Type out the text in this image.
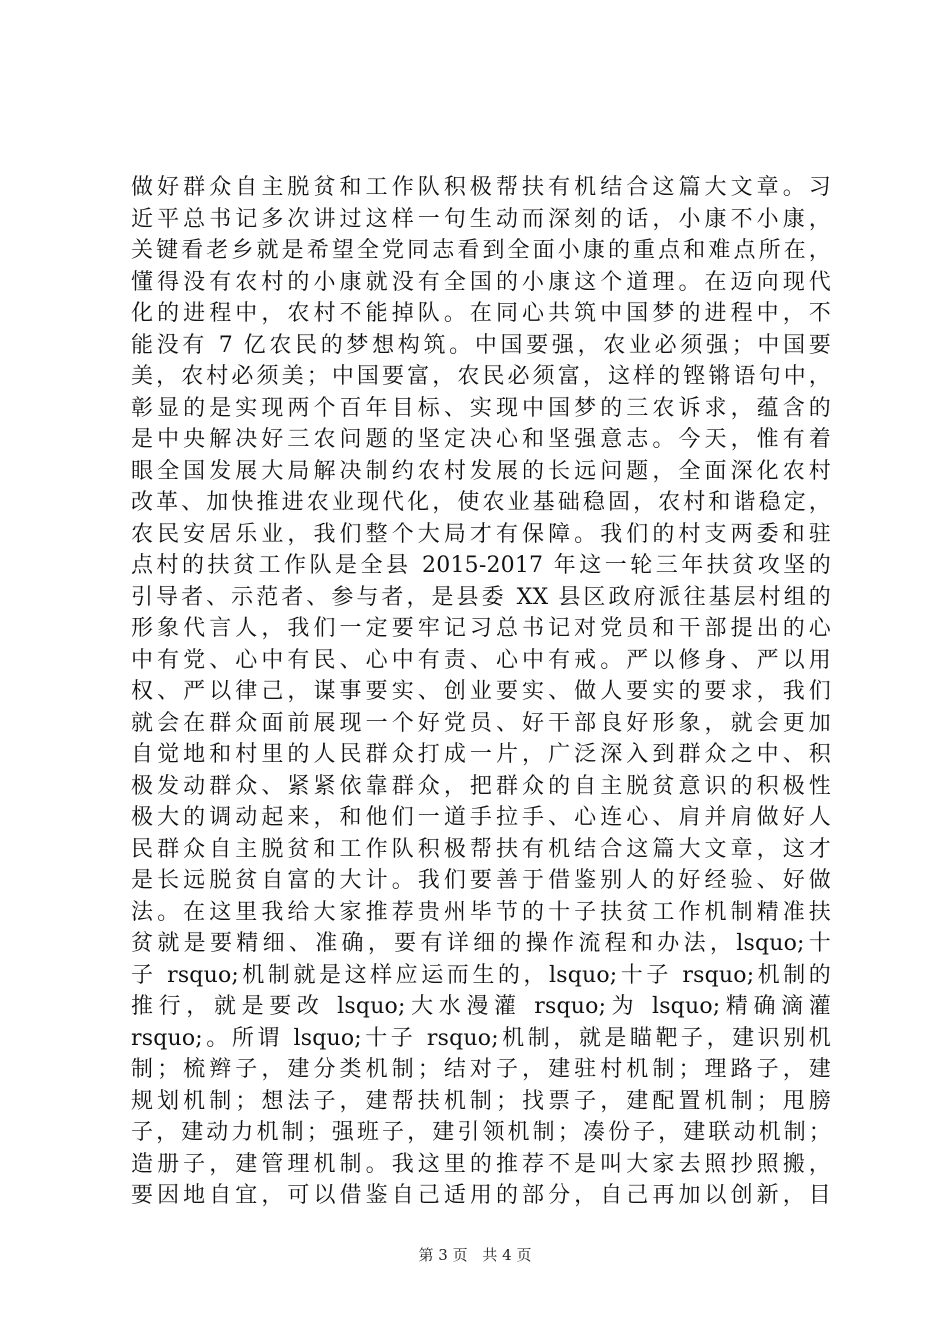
做好群众自主脱贫和工作队积极帮扶有机结合这篇大文章。习
近平总书记多次讲过这样一句生动而深刻的话，小康不小康，
关键看老乡就是希望全党同志看到全面小康的重点和难点所在，
懂得没有农村的小康就没有全国的小康这个道理。在迈向现代
化的进程中，农村不能掉队。在同心共筑中国梦的进程中，不
能没有 7 亿农民的梦想构筑。中国要强，农业必须强；中国要
美，农村必须美；中国要富，农民必须富，这样的铿锵语句中，
彰显的是实现两个百年目标、实现中国梦的三农诉求，蕴含的
是中央解决好三农问题的坚定决心和坚强意志。今天，惟有着
眼全国发展大局解决制约农村发展的长远问题，全面深化农村
改革、加快推进农业现代化，使农业基础稳固，农村和谐稳定，
农民安居乐业，我们整个大局才有保障。我们的村支两委和驻
点村的扶贫工作队是全县 2015-2017 年这一轮三年扶贫攻坚的
引导者、示范者、参与者，是县委 XX 县区政府派往基层村组的
形象代言人，我们一定要牢记习总书记对党员和干部提出的心
中有党、心中有民、心中有责、心中有戒。严以修身、严以用
权、严以律己，谋事要实、创业要实、做人要实的要求，我们
就会在群众面前展现一个好党员、好干部良好形象，就会更加
自觉地和村里的人民群众打成一片，广泛深入到群众之中、积
极发动群众、紧紧依靠群众，把群众的自主脱贫意识的积极性
极大的调动起来，和他们一道手拉手、心连心、肩并肩做好人
民群众自主脱贫和工作队积极帮扶有机结合这篇大文章，这才
是长远脱贫自富的大计。我们要善于借鉴别人的好经验、好做
法。在这里我给大家推荐贵州毕节的十子扶贫工作机制精准扶
贫就是要精细、准确，要有详细的操作流程和办法，lsquo;十
子 rsquo;机制就是这样应运而生的，lsquo;十子 rsquo;机制的
推行，就是要改 lsquo;大水漫灌 rsquo;为 lsquo;精确滴灌
rsquo;。所谓 lsquo;十子 rsquo;机制，就是瞄靶子，建识别机
制；梳辫子，建分类机制；结对子，建驻村机制；理路子，建
规划机制；想法子，建帮扶机制；找票子，建配置机制；甩膀
子，建动力机制；强班子，建引领机制；凑份子，建联动机制；
造册子，建管理机制。我这里的推荐不是叫大家去照抄照搬，
要因地自宜，可以借鉴自己适用的部分，自己再加以创新，目
第 3 页 共 4 页
